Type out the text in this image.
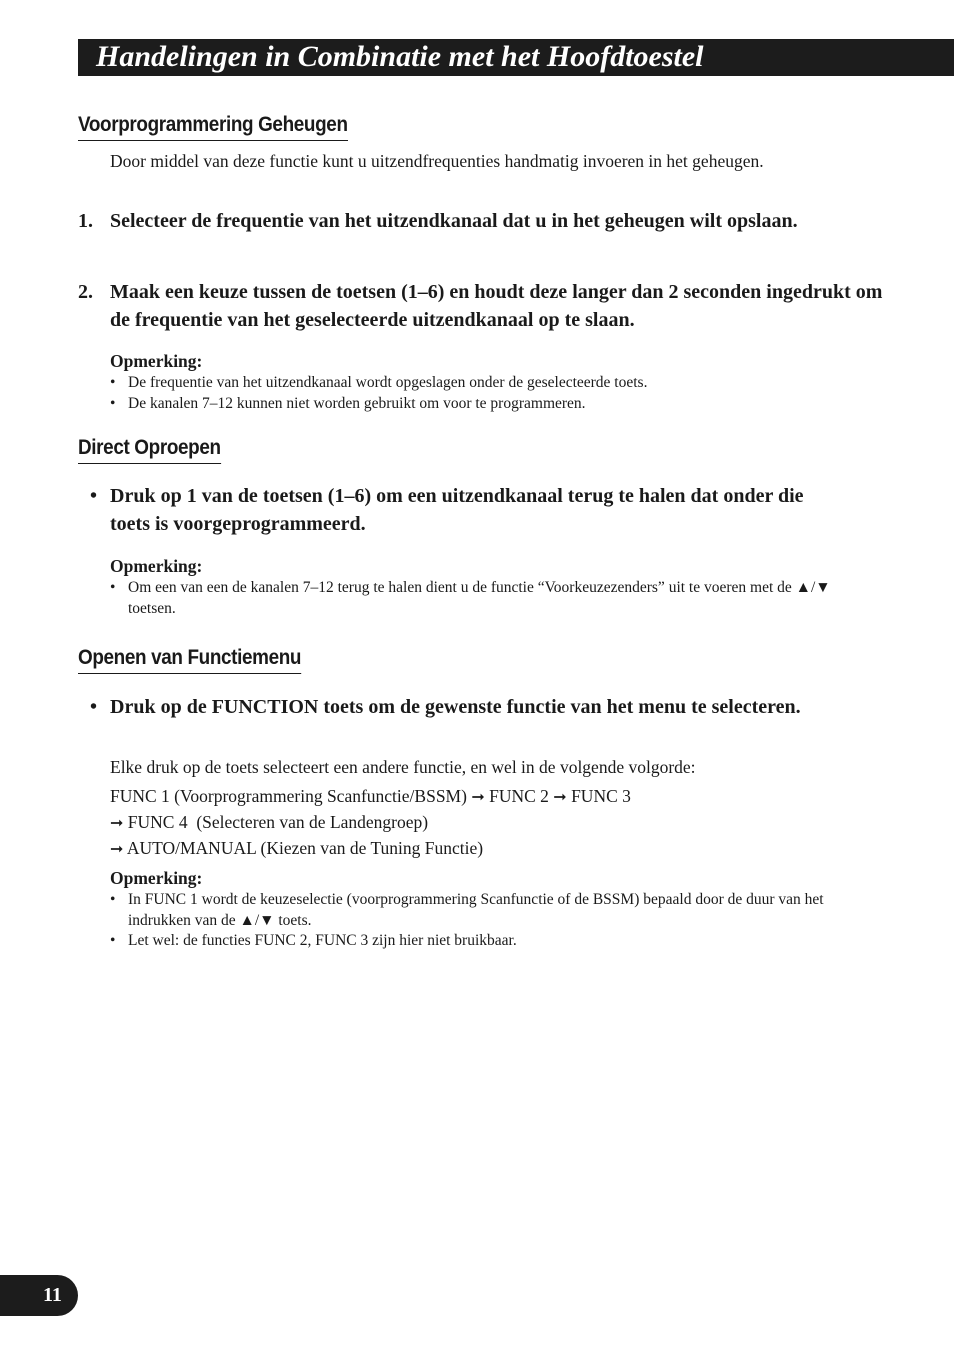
Handelingen in Combinatie met het Hoofdtoestel
Voorprogrammering Geheugen

Door middel van deze functie kunt u uitzendfrequenties handmatig invoeren in het geheugen.

1. Selecteer de frequentie van het uitzendkanaal dat u in het geheugen wilt opslaan.
2. Maak een keuze tussen de toetsen (1–6) en houdt deze langer dan 2 seconden ingedrukt om de frequentie van het geselecteerde uitzendkanaal op te slaan.

Opmerking:

• De frequentie van het uitzendkanaal wordt opgeslagen onder de geselecteerde toets.
• De kanalen 7–12 kunnen niet worden gebruikt om voor te programmeren.
Direct Oproepen
• Druk op 1 van de toetsen (1–6) om een uitzendkanaal terug te halen dat onder die toets is voorgeprogrammeerd.

Opmerking:

• Om een van een de kanalen 7–12 terug te halen dient u de functie “Voorkeuzezenders” uit te voeren met de ▲/▼ toetsen.
Openen van Functiemenu
• Druk op de FUNCTION toets om de gewenste functie van het menu te selecteren.

Elke druk op de toets selecteert een andere functie, en wel in de volgende volgorde:

FUNC 1 (Voorprogrammering Scanfunctie/BSSM) ➞ FUNC 2 ➞ FUNC 3
➞ FUNC 4  (Selecteren van de Landengroep)
➞ AUTO/MANUAL (Kiezen van de Tuning Functie)

Opmerking:

• In FUNC 1 wordt de keuzeselectie (voorprogrammering Scanfunctie of de BSSM) bepaald door de duur van het indrukken van de ▲/▼ toets.
• Let wel: de functies FUNC 2, FUNC 3 zijn hier niet bruikbaar.
11
